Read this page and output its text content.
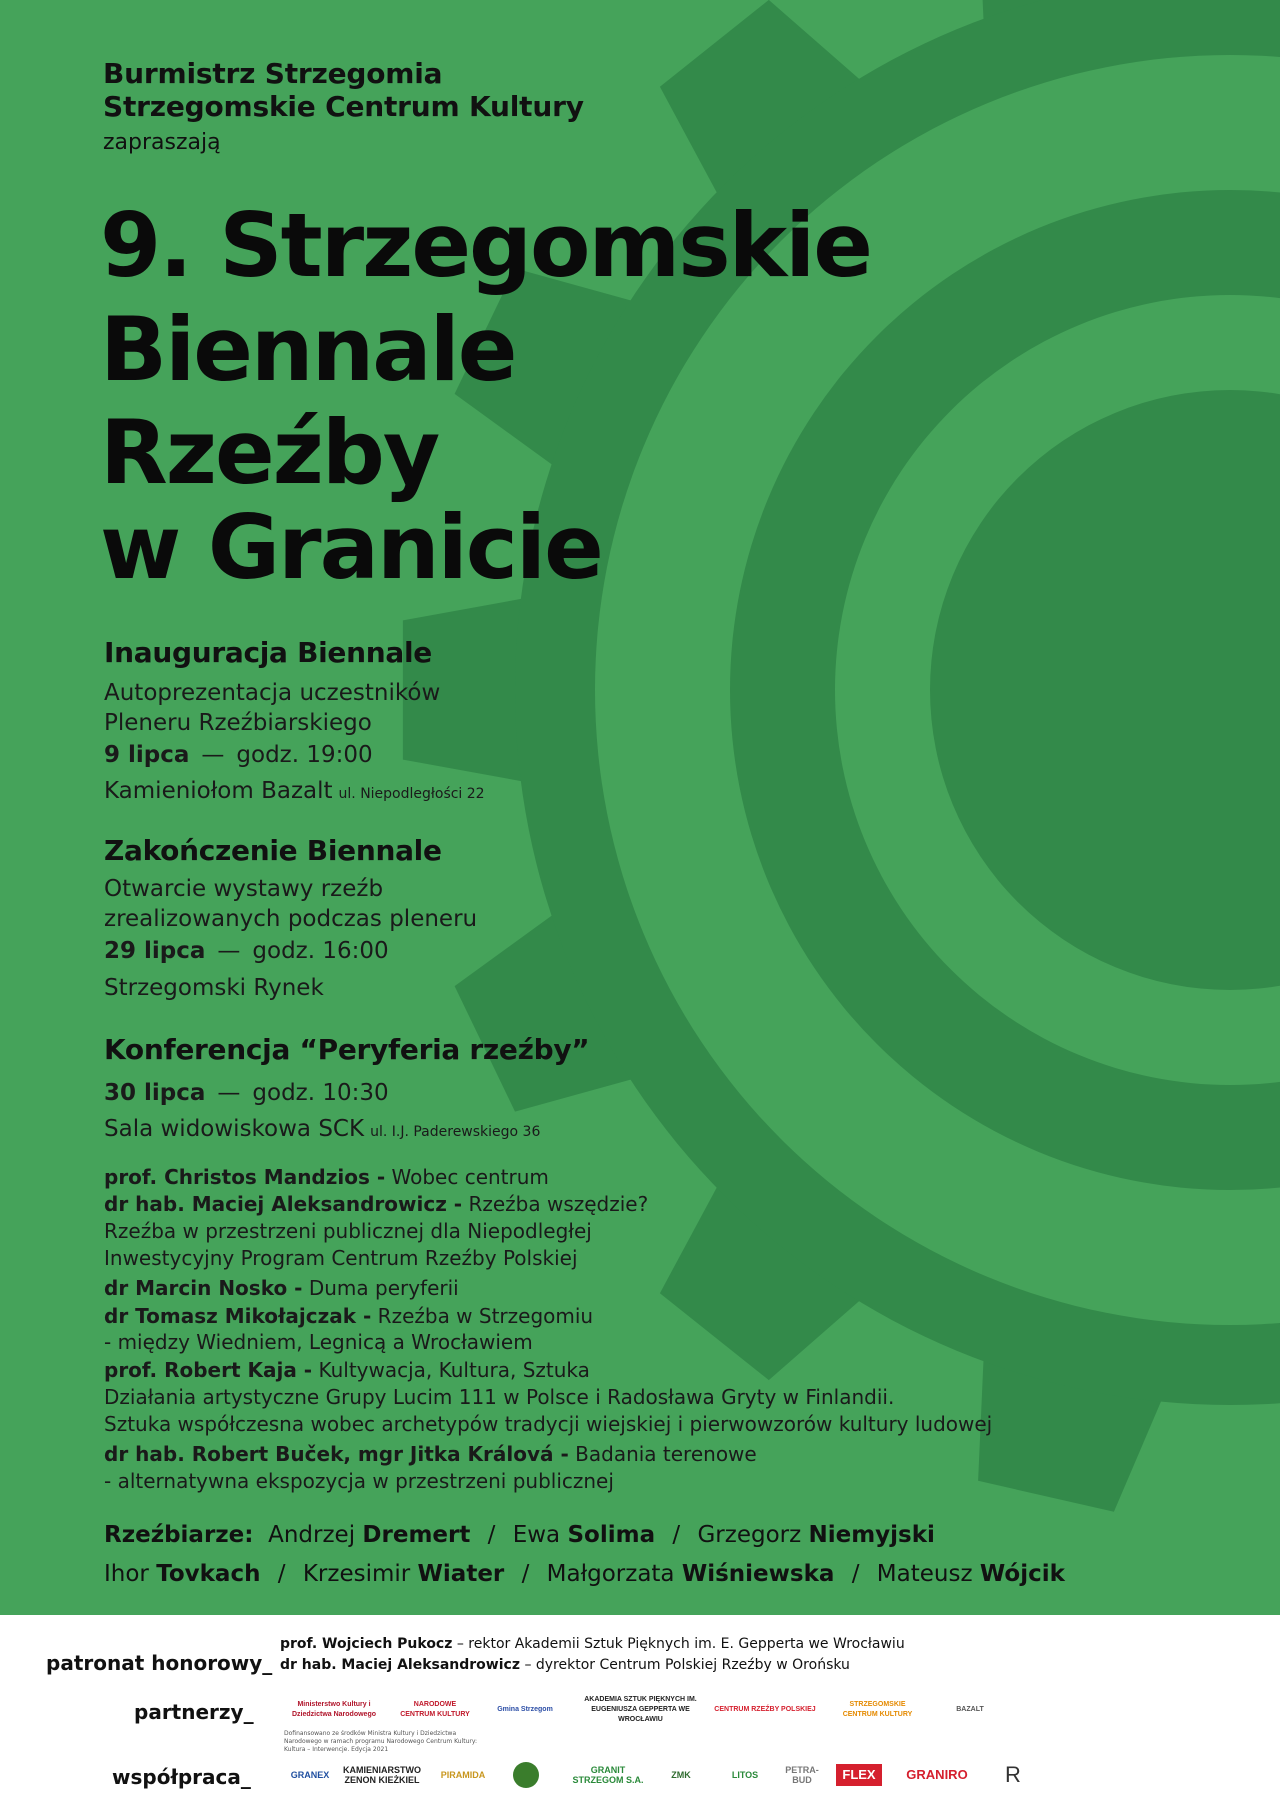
Burmistrz Strzegomia
Strzegomskie Centrum Kultury
zapraszają
9. Strzegomskie
Biennale
Rzeźby
w Granicie
Inauguracja Biennale
Autoprezentacja uczestników
Pleneru Rzeźbiarskiego
9 lipca — godz. 19:00
Kamieniołom Bazalt ul. Niepodległości 22
Zakończenie Biennale
Otwarcie wystawy rzeźb
zrealizowanych podczas pleneru
29 lipca — godz. 16:00
Strzegomski Rynek
Konferencja “Peryferia rzeźby”
30 lipca — godz. 10:30
Sala widowiskowa SCK ul. I.J. Paderewskiego 36
prof. Christos Mandzios - Wobec centrum
dr hab. Maciej Aleksandrowicz - Rzeźba wszędzie?
Rzeźba w przestrzeni publicznej dla Niepodległej
Inwestycyjny Program Centrum Rzeźby Polskiej
dr Marcin Nosko - Duma peryferii
dr Tomasz Mikołajczak - Rzeźba w Strzegomiu
- między Wiedniem, Legnicą a Wrocławiem
prof. Robert Kaja - Kultywacja, Kultura, Sztuka
Działania artystyczne Grupy Lucim 111 w Polsce i Radosława Gryty w Finlandii.
Sztuka współczesna wobec archetypów tradycji wiejskiej i pierwowzorów kultury ludowej
dr hab. Robert Buček, mgr Jitka Králová - Badania terenowe
- alternatywna ekspozycja w przestrzeni publicznej
Rzeźbiarze: Andrzej Dremert / Ewa Solima / Grzegorz Niemyjski
Ihor Tovkach / Krzesimir Wiater / Małgorzata Wiśniewska / Mateusz Wójcik
patronat honorowy_
prof. Wojciech Pukocz – rektor Akademii Sztuk Pięknych im. E. Gepperta we Wrocławiu
dr hab. Maciej Aleksandrowicz – dyrektor Centrum Polskiej Rzeźby w Orońsku
partnerzy_	Ministerstwo Kultury i Dziedzictwa Narodowego
NARODOWE CENTRUM KULTURY
Gmina Strzegom
AKADEMIA SZTUK PIĘKNYCH IM. EUGENIUSZA GEPPERTA WE WROCŁAWIU
CENTRUM RZEŹBY POLSKIEJ
STRZEGOMSKIE CENTRUM KULTURY
BAZALT
Dofinansowano ze środków Ministra Kultury i Dziedzictwa Narodowego w ramach programu Narodowego Centrum Kultury: Kultura – Interwencje. Edycja 2021
współpraca_	GRANEX	KAMIENIARSTWO ZENON KIEŻKIEL	PIRAMIDA	GRANIT STRZEGOM S.A.	ZMK	LITOS	PETRA-BUD	FLEX	GRANIRO R
